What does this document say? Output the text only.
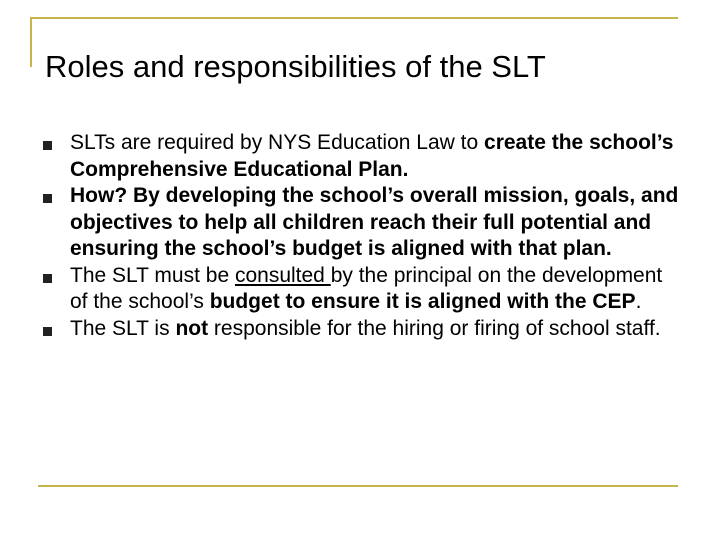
Roles and responsibilities of the SLT
SLTs are required by NYS Education Law to create the school’s Comprehensive Educational Plan.
How? By developing the school’s overall mission, goals, and objectives to help all children reach their full potential and ensuring the school’s budget is aligned with that plan.
The SLT must be consulted by the principal on the development of the school’s budget to ensure it is aligned with the CEP.
The SLT is not responsible for the hiring or firing of school staff.
